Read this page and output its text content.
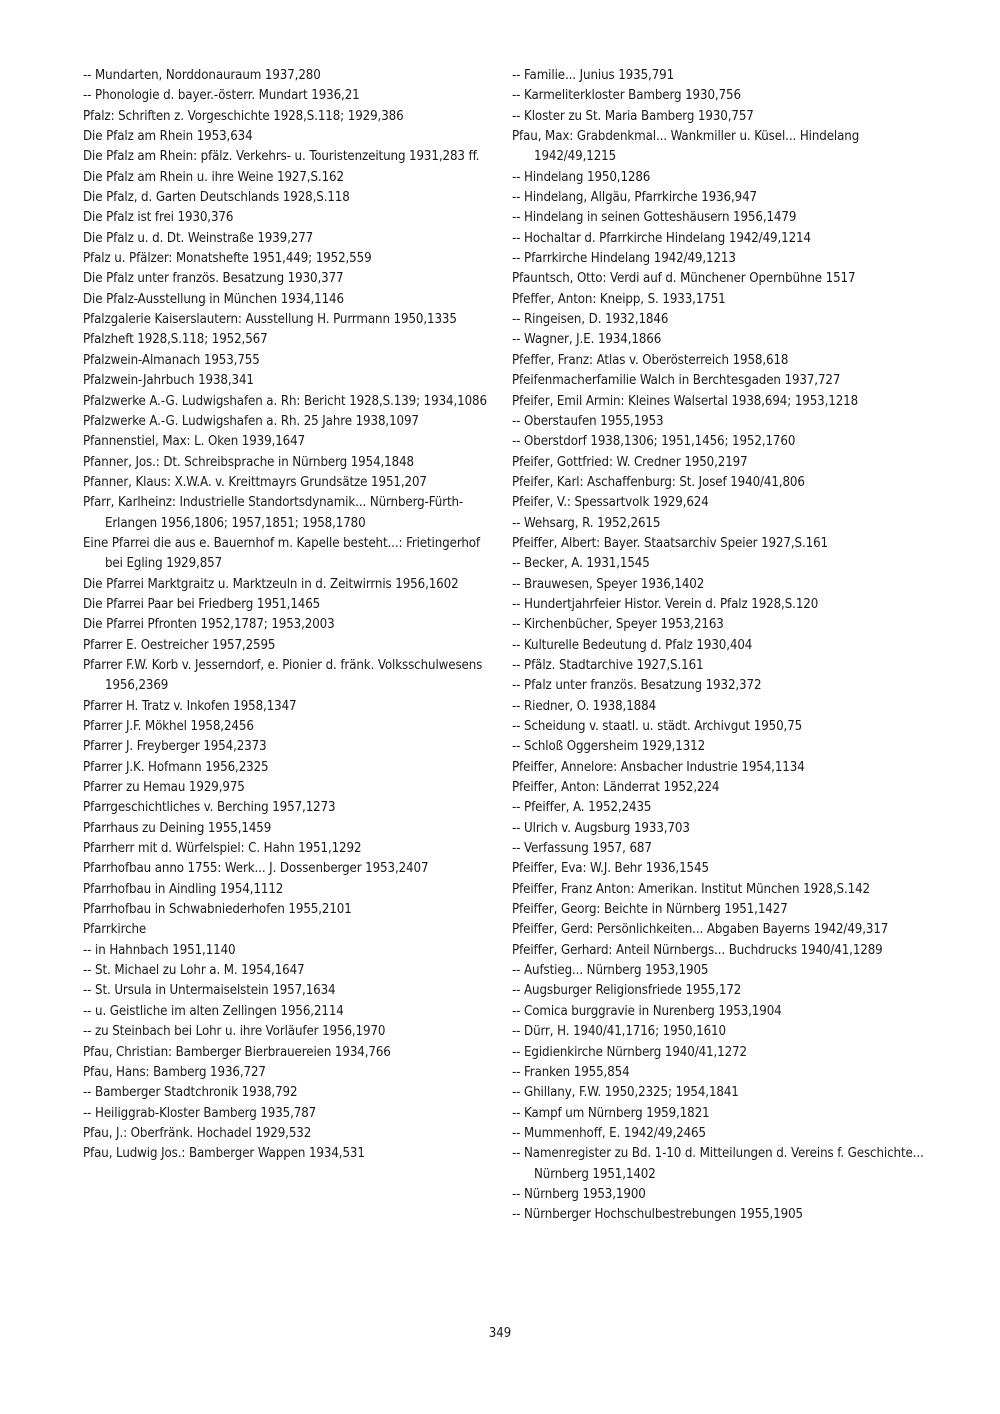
-- Mundarten, Norddonauraum 1937,280
-- Phonologie d. bayer.-österr. Mundart 1936,21
Pfalz: Schriften z. Vorgeschichte 1928,S.118; 1929,386
Die Pfalz am Rhein 1953,634
Die Pfalz am Rhein: pfälz. Verkehrs- u. Touristenzeitung 1931,283 ff.
Die Pfalz am Rhein u. ihre Weine 1927,S.162
Die Pfalz, d. Garten Deutschlands 1928,S.118
Die Pfalz ist frei 1930,376
Die Pfalz u. d. Dt. Weinstraße 1939,277
Pfalz u. Pfälzer: Monatshefte 1951,449; 1952,559
Die Pfalz unter französ. Besatzung 1930,377
Die Pfalz-Ausstellung in München 1934,1146
Pfalzgalerie Kaiserslautern: Ausstellung H. Purrmann 1950,1335
Pfalzheft 1928,S.118; 1952,567
Pfalzwein-Almanach 1953,755
Pfalzwein-Jahrbuch 1938,341
Pfalzwerke A.-G. Ludwigshafen a. Rh: Bericht 1928,S.139; 1934,1086
Pfalzwerke A.-G. Ludwigshafen a. Rh. 25 Jahre 1938,1097
Pfannenstiel, Max: L. Oken 1939,1647
Pfanner, Jos.: Dt. Schreibsprache in Nürnberg 1954,1848
Pfanner, Klaus: X.W.A. v. Kreittmayrs Grundsätze 1951,207
Pfarr, Karlheinz: Industrielle Standortsdynamik... Nürnberg-Fürth-Erlangen 1956,1806; 1957,1851; 1958,1780
Eine Pfarrei die aus e. Bauernhof m. Kapelle besteht...: Frietingerhof bei Egling 1929,857
Die Pfarrei Marktgraitz u. Marktzeuln in d. Zeitwirrnis 1956,1602
Die Pfarrei Paar bei Friedberg 1951,1465
Die Pfarrei Pfronten 1952,1787; 1953,2003
Pfarrer E. Oestreicher 1957,2595
Pfarrer F.W. Korb v. Jesserndorf, e. Pionier d. fränk. Volksschulwesens 1956,2369
Pfarrer H. Tratz v. Inkofen 1958,1347
Pfarrer J.F. Mökhel 1958,2456
Pfarrer J. Freyberger 1954,2373
Pfarrer J.K. Hofmann 1956,2325
Pfarrer zu Hemau 1929,975
Pfarrgeschichtliches v. Berching 1957,1273
Pfarrhaus zu Deining 1955,1459
Pfarrherr mit d. Würfelspiel: C. Hahn 1951,1292
Pfarrhofbau anno 1755: Werk... J. Dossenberger 1953,2407
Pfarrhofbau in Aindling 1954,1112
Pfarrhofbau in Schwabniederhofen 1955,2101
Pfarrkirche
-- in Hahnbach 1951,1140
-- St. Michael zu Lohr a. M. 1954,1647
-- St. Ursula in Untermaiselstein 1957,1634
-- u. Geistliche im alten Zellingen 1956,2114
-- zu Steinbach bei Lohr u. ihre Vorläufer 1956,1970
Pfau, Christian: Bamberger Bierbrauereien 1934,766
Pfau, Hans: Bamberg 1936,727
-- Bamberger Stadtchronik 1938,792
-- Heiliggrab-Kloster Bamberg 1935,787
Pfau, J.: Oberfränk. Hochadel 1929,532
Pfau, Ludwig Jos.: Bamberger Wappen 1934,531
-- Familie... Junius 1935,791
-- Karmeliterkloster Bamberg 1930,756
-- Kloster zu St. Maria Bamberg 1930,757
Pfau, Max: Grabdenkmal... Wankmiller u. Küsel... Hindelang 1942/49,1215
-- Hindelang 1950,1286
-- Hindelang, Allgäu, Pfarrkirche 1936,947
-- Hindelang in seinen Gotteshäusern 1956,1479
-- Hochaltar d. Pfarrkirche Hindelang 1942/49,1214
-- Pfarrkirche Hindelang 1942/49,1213
Pfauntsch, Otto: Verdi auf d. Münchener Opernbühne 1517
Pfeffer, Anton: Kneipp, S. 1933,1751
-- Ringeisen, D. 1932,1846
-- Wagner, J.E. 1934,1866
Pfeffer, Franz: Atlas v. Oberösterreich 1958,618
Pfeifenmacherfamilie Walch in Berchtesgaden 1937,727
Pfeifer, Emil Armin: Kleines Walsertal 1938,694; 1953,1218
-- Oberstaufen 1955,1953
-- Oberstdorf 1938,1306; 1951,1456; 1952,1760
Pfeifer, Gottfried: W. Credner 1950,2197
Pfeifer, Karl: Aschaffenburg: St. Josef 1940/41,806
Pfeifer, V.: Spessartvolk 1929,624
-- Wehsarg, R. 1952,2615
Pfeiffer, Albert: Bayer. Staatsarchiv Speier 1927,S.161
-- Becker, A. 1931,1545
-- Brauwesen, Speyer 1936,1402
-- Hundertjahrfeier Histor. Verein d. Pfalz 1928,S.120
-- Kirchenbücher, Speyer 1953,2163
-- Kulturelle Bedeutung d. Pfalz 1930,404
-- Pfälz. Stadtarchive 1927,S.161
-- Pfalz unter französ. Besatzung 1932,372
-- Riedner, O. 1938,1884
-- Scheidung v. staatl. u. städt. Archivgut 1950,75
-- Schloß Oggersheim 1929,1312
Pfeiffer, Annelore: Ansbacher Industrie 1954,1134
Pfeiffer, Anton: Länderrat 1952,224
-- Pfeiffer, A. 1952,2435
-- Ulrich v. Augsburg 1933,703
-- Verfassung 1957, 687
Pfeiffer, Eva: W.J. Behr 1936,1545
Pfeiffer, Franz Anton: Amerikan. Institut München 1928,S.142
Pfeiffer, Georg: Beichte in Nürnberg 1951,1427
Pfeiffer, Gerd: Persönlichkeiten... Abgaben Bayerns 1942/49,317
Pfeiffer, Gerhard: Anteil Nürnbergs... Buchdrucks 1940/41,1289
-- Aufstieg... Nürnberg 1953,1905
-- Augsburger Religionsfriede 1955,172
-- Comica burggravie in Nurenberg 1953,1904
-- Dürr, H. 1940/41,1716; 1950,1610
-- Egidienkirche Nürnberg 1940/41,1272
-- Franken 1955,854
-- Ghillany, F.W. 1950,2325; 1954,1841
-- Kampf um Nürnberg 1959,1821
-- Mummenhoff, E. 1942/49,2465
-- Namenregister zu Bd. 1-10 d. Mitteilungen d. Vereins f. Geschichte... Nürnberg 1951,1402
-- Nürnberg 1953,1900
-- Nürnberger Hochschulbestrebungen 1955,1905
349
